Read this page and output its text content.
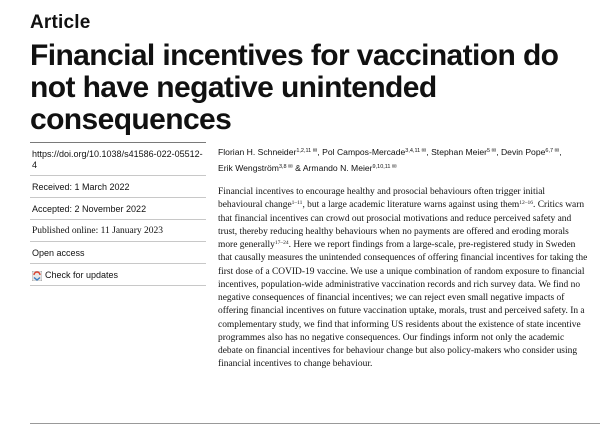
Article
Financial incentives for vaccination do not have negative unintended consequences
https://doi.org/10.1038/s41586-022-05512-4
Received: 1 March 2022
Accepted: 2 November 2022
Published online: 11 January 2023
Open access
Check for updates
Florian H. Schneider$^{1,2,11 ✉}$, Pol Campos-Mercade$^{3,4,11 ✉}$, Stephan Meier$^{5 ✉}$, Devin Pope$^{6,7 ✉}$,
Erik Wengström$^{3,8 ✉}$ & Armando N. Meier$^{9,10,11 ✉}$

Financial incentives to encourage healthy and prosocial behaviours often trigger initial behavioural change$^{1-11}$, but a large academic literature warns against using them$^{12-16}$. Critics warn that financial incentives can crowd out prosocial motivations and reduce perceived safety and trust, thereby reducing healthy behaviours when no payments are offered and eroding morals more generally$^{17-24}$. Here we report findings from a large-scale, pre-registered study in Sweden that causally measures the unintended consequences of offering financial incentives for taking the first dose of a COVID-19 vaccine. We use a unique combination of random exposure to financial incentives, population-wide administrative vaccination records and rich survey data. We find no negative consequences of financial incentives; we can reject even small negative impacts of offering financial incentives on future vaccination uptake, morals, trust and perceived safety. In a complementary study, we find that informing US residents about the existence of state incentive programmes also has no negative consequences. Our findings inform not only the academic debate on financial incentives for behaviour change but also policy-makers who consider using financial incentives to change behaviour.
